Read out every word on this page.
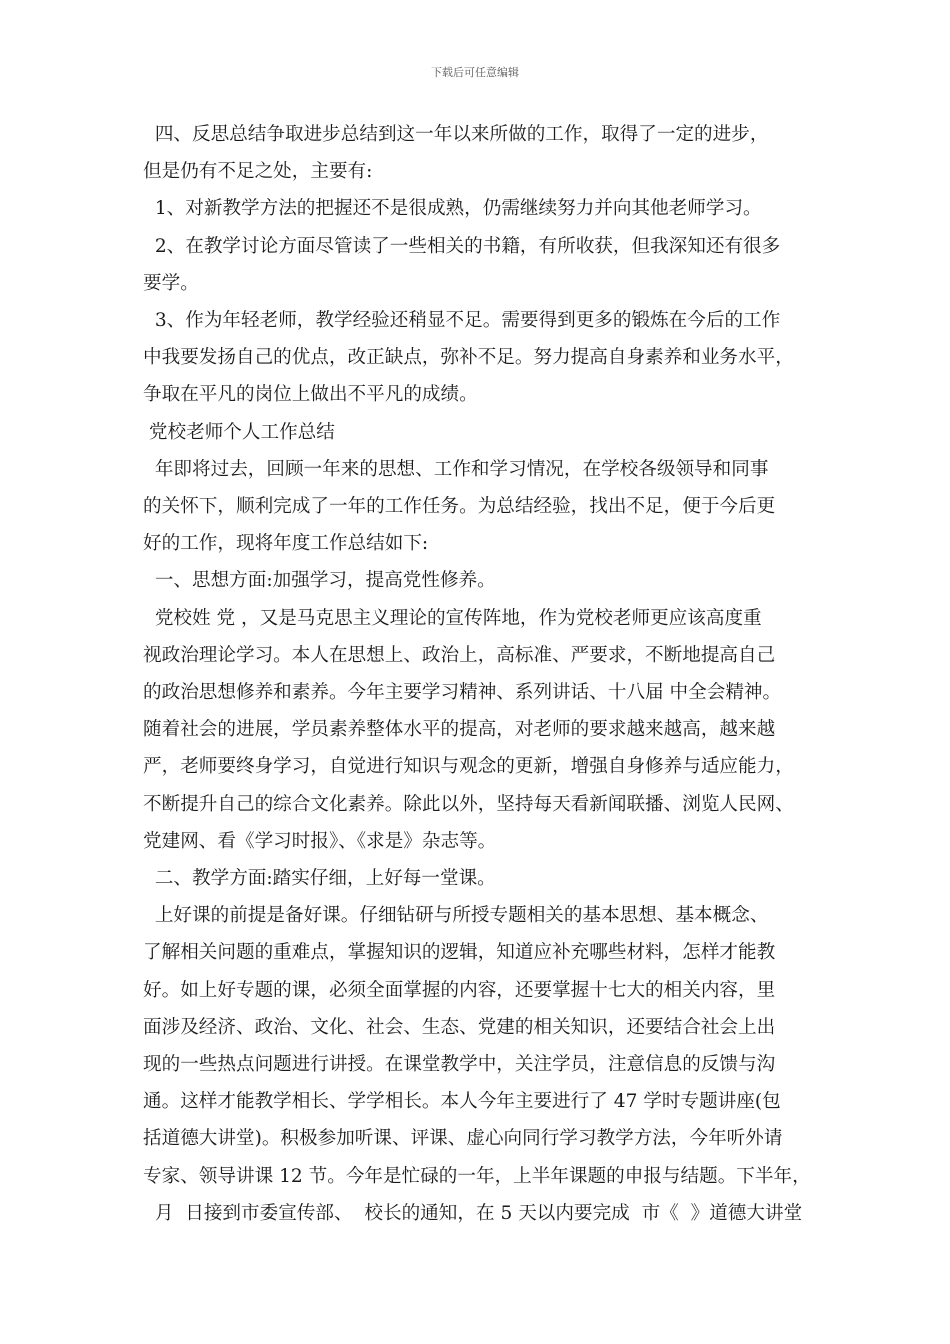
下载后可任意编辑
四、反思总结争取进步总结到这一年以来所做的工作，取得了一定的进步，
但是仍有不足之处，主要有:
1、对新教学方法的把握还不是很成熟，仍需继续努力并向其他老师学习。
2、在教学讨论方面尽管读了一些相关的书籍，有所收获，但我深知还有很多
要学。
3、作为年轻老师，教学经验还稍显不足。需要得到更多的锻炼在今后的工作
中我要发扬自己的优点，改正缺点，弥补不足。努力提高自身素养和业务水平，
争取在平凡的岗位上做出不平凡的成绩。
党校老师个人工作总结
年即将过去，回顾一年来的思想、工作和学习情况，在学校各级领导和同事
的关怀下，顺利完成了一年的工作任务。为总结经验，找出不足，便于今后更
好的工作，现将年度工作总结如下:
一、思想方面:加强学习，提高党性修养。
党校姓 党 ，又是马克思主义理论的宣传阵地，作为党校老师更应该高度重
视政治理论学习。本人在思想上、政治上，高标准、严要求，不断地提高自己
的政治思想修养和素养。今年主要学习精神、系列讲话、十八届 中全会精神。
随着社会的进展，学员素养整体水平的提高，对老师的要求越来越高，越来越
严，老师要终身学习，自觉进行知识与观念的更新，增强自身修养与适应能力，
不断提升自己的综合文化素养。除此以外，坚持每天看新闻联播、浏览人民网、
党建网、看《学习时报》、《求是》杂志等。
二、教学方面:踏实仔细，上好每一堂课。
上好课的前提是备好课。仔细钻研与所授专题相关的基本思想、基本概念、
了解相关问题的重难点，掌握知识的逻辑，知道应补充哪些材料，怎样才能教
好。如上好专题的课，必须全面掌握的内容，还要掌握十七大的相关内容，里
面涉及经济、政治、文化、社会、生态、党建的相关知识，还要结合社会上出
现的一些热点问题进行讲授。在课堂教学中，关注学员，注意信息的反馈与沟
通。这样才能教学相长、学学相长。本人今年主要进行了 47 学时专题讲座(包
括道德大讲堂)。积极参加听课、评课、虚心向同行学习教学方法，今年听外请
专家、领导讲课 12 节。今年是忙碌的一年，上半年课题的申报与结题。下半年，
月  日接到市委宣传部、  校长的通知，在 5 天以内要完成  市《  》道德大讲堂
